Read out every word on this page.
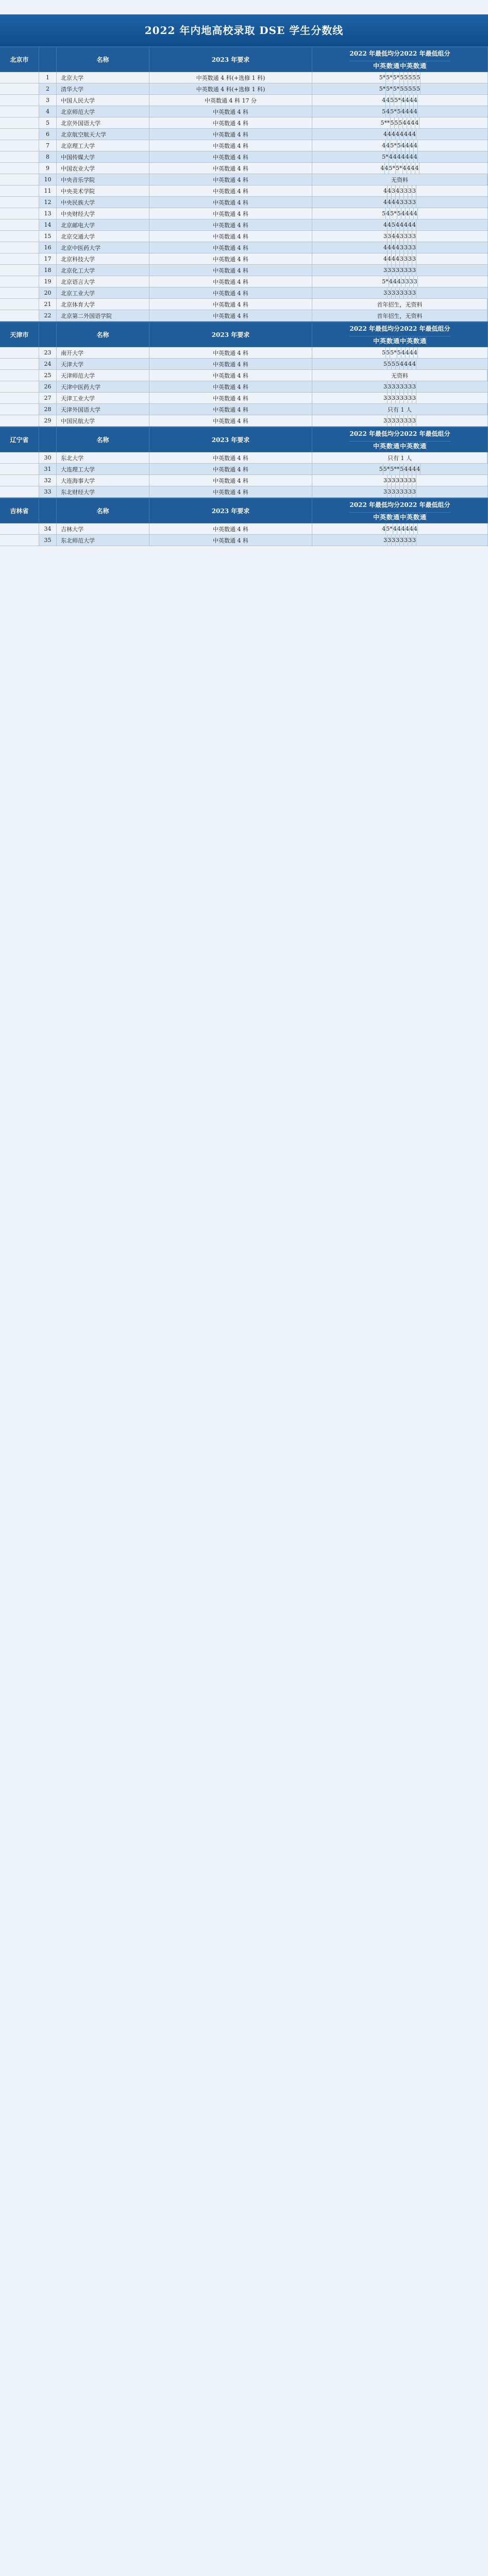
2022 年内地高校录取 DSE 学生分数线
北京市	名称	2023 年要求
2022 年最低均分 2022 年最低组分
中 英 数 通 中 英 数 通
1	北京大学	中英数通 4 科(+选修 1 科)	5* 5* 5* 5 5 5 5 5
2	清华大学	中英数通 4 科(+选修 1 科)	5* 5* 5* 5 5 5 5 5
3	中国人民大学	中英数通 4 科 17 分	4 4 5 5* 4 4 4 4
4	北京师范大学	中英数通 4 科	5 4 5* 5 4 4 4 4
5	北京外国语大学	中英数通 4 科	5** 5 5 5 4 4 4 4
6	北京航空航天大学	中英数通 4 科	4 4 4 4 4 4 4 4
7	北京理工大学	中英数通 4 科	4 4 5* 5 4 4 4 4
8	中国传媒大学	中英数通 4 科	5* 4 4 4 4 4 4 4
9	中国农业大学	中英数通 4 科	4 4 5* 5* 4 4 4 4
10	中央音乐学院	中英数通 4 科	无资料
11	中央美术学院	中英数通 4 科	4 4 3 4 3 3 3 3
12	中央民族大学	中英数通 4 科	4 4 4 4 3 3 3 3
13	中央财经大学	中英数通 4 科	5 4 5* 5 4 4 4 4
14	北京邮电大学	中英数通 4 科	4 4 5 4 4 4 4 4
15	北京交通大学	中英数通 4 科	3 3 4 4 3 3 3 3
16	北京中医药大学	中英数通 4 科	4 4 4 4 3 3 3 3
17	北京科技大学	中英数通 4 科	4 4 4 4 3 3 3 3
18	北京化工大学	中英数通 4 科	3 3 3 3 3 3 3 3
19	北京语言大学	中英数通 4 科	5* 4 4 4 3 3 3 3
20	北京工业大学	中英数通 4 科	3 3 3 3 3 3 3 3
21	北京体育大学	中英数通 4 科	首年招生，无资料
22	北京第二外国语学院	中英数通 4 科	首年招生，无资料
天津市	名称	2023 年要求
2022 年最低均分 2022 年最低组分
中 英 数 通 中 英 数 通
23	南开大学	中英数通 4 科	5 5 5* 5 4 4 4 4
24	天津大学	中英数通 4 科	5 5 5 5 4 4 4 4
25	天津师范大学	中英数通 4 科	无资料
26	天津中医药大学	中英数通 4 科	3 3 3 3 3 3 3 3
27	天津工业大学	中英数通 4 科	3 3 3 3 3 3 3 3
28	天津外国语大学	中英数通 4 科	只有 1 人
29	中国民航大学	中英数通 4 科	3 3 3 3 3 3 3 3
辽宁省	名称	2023 年要求
2022 年最低均分 2022 年最低组分
中 英 数 通 中 英 数 通
30	东北大学	中英数通 4 科	只有 1 人
31	大连理工大学	中英数通 4 科	5 5* 5** 5 4 4 4 4
32	大连海事大学	中英数通 4 科	3 3 3 3 3 3 3 3
33	东北财经大学	中英数通 4 科	3 3 3 3 3 3 3 3
吉林省	名称	2023 年要求
2022 年最低均分 2022 年最低组分
中 英 数 通 中 英 数 通
34	吉林大学	中英数通 4 科	4 5* 4 4 4 4 4 4
35	东北师范大学	中英数通 4 科	3 3 3 3 3 3 3 3
